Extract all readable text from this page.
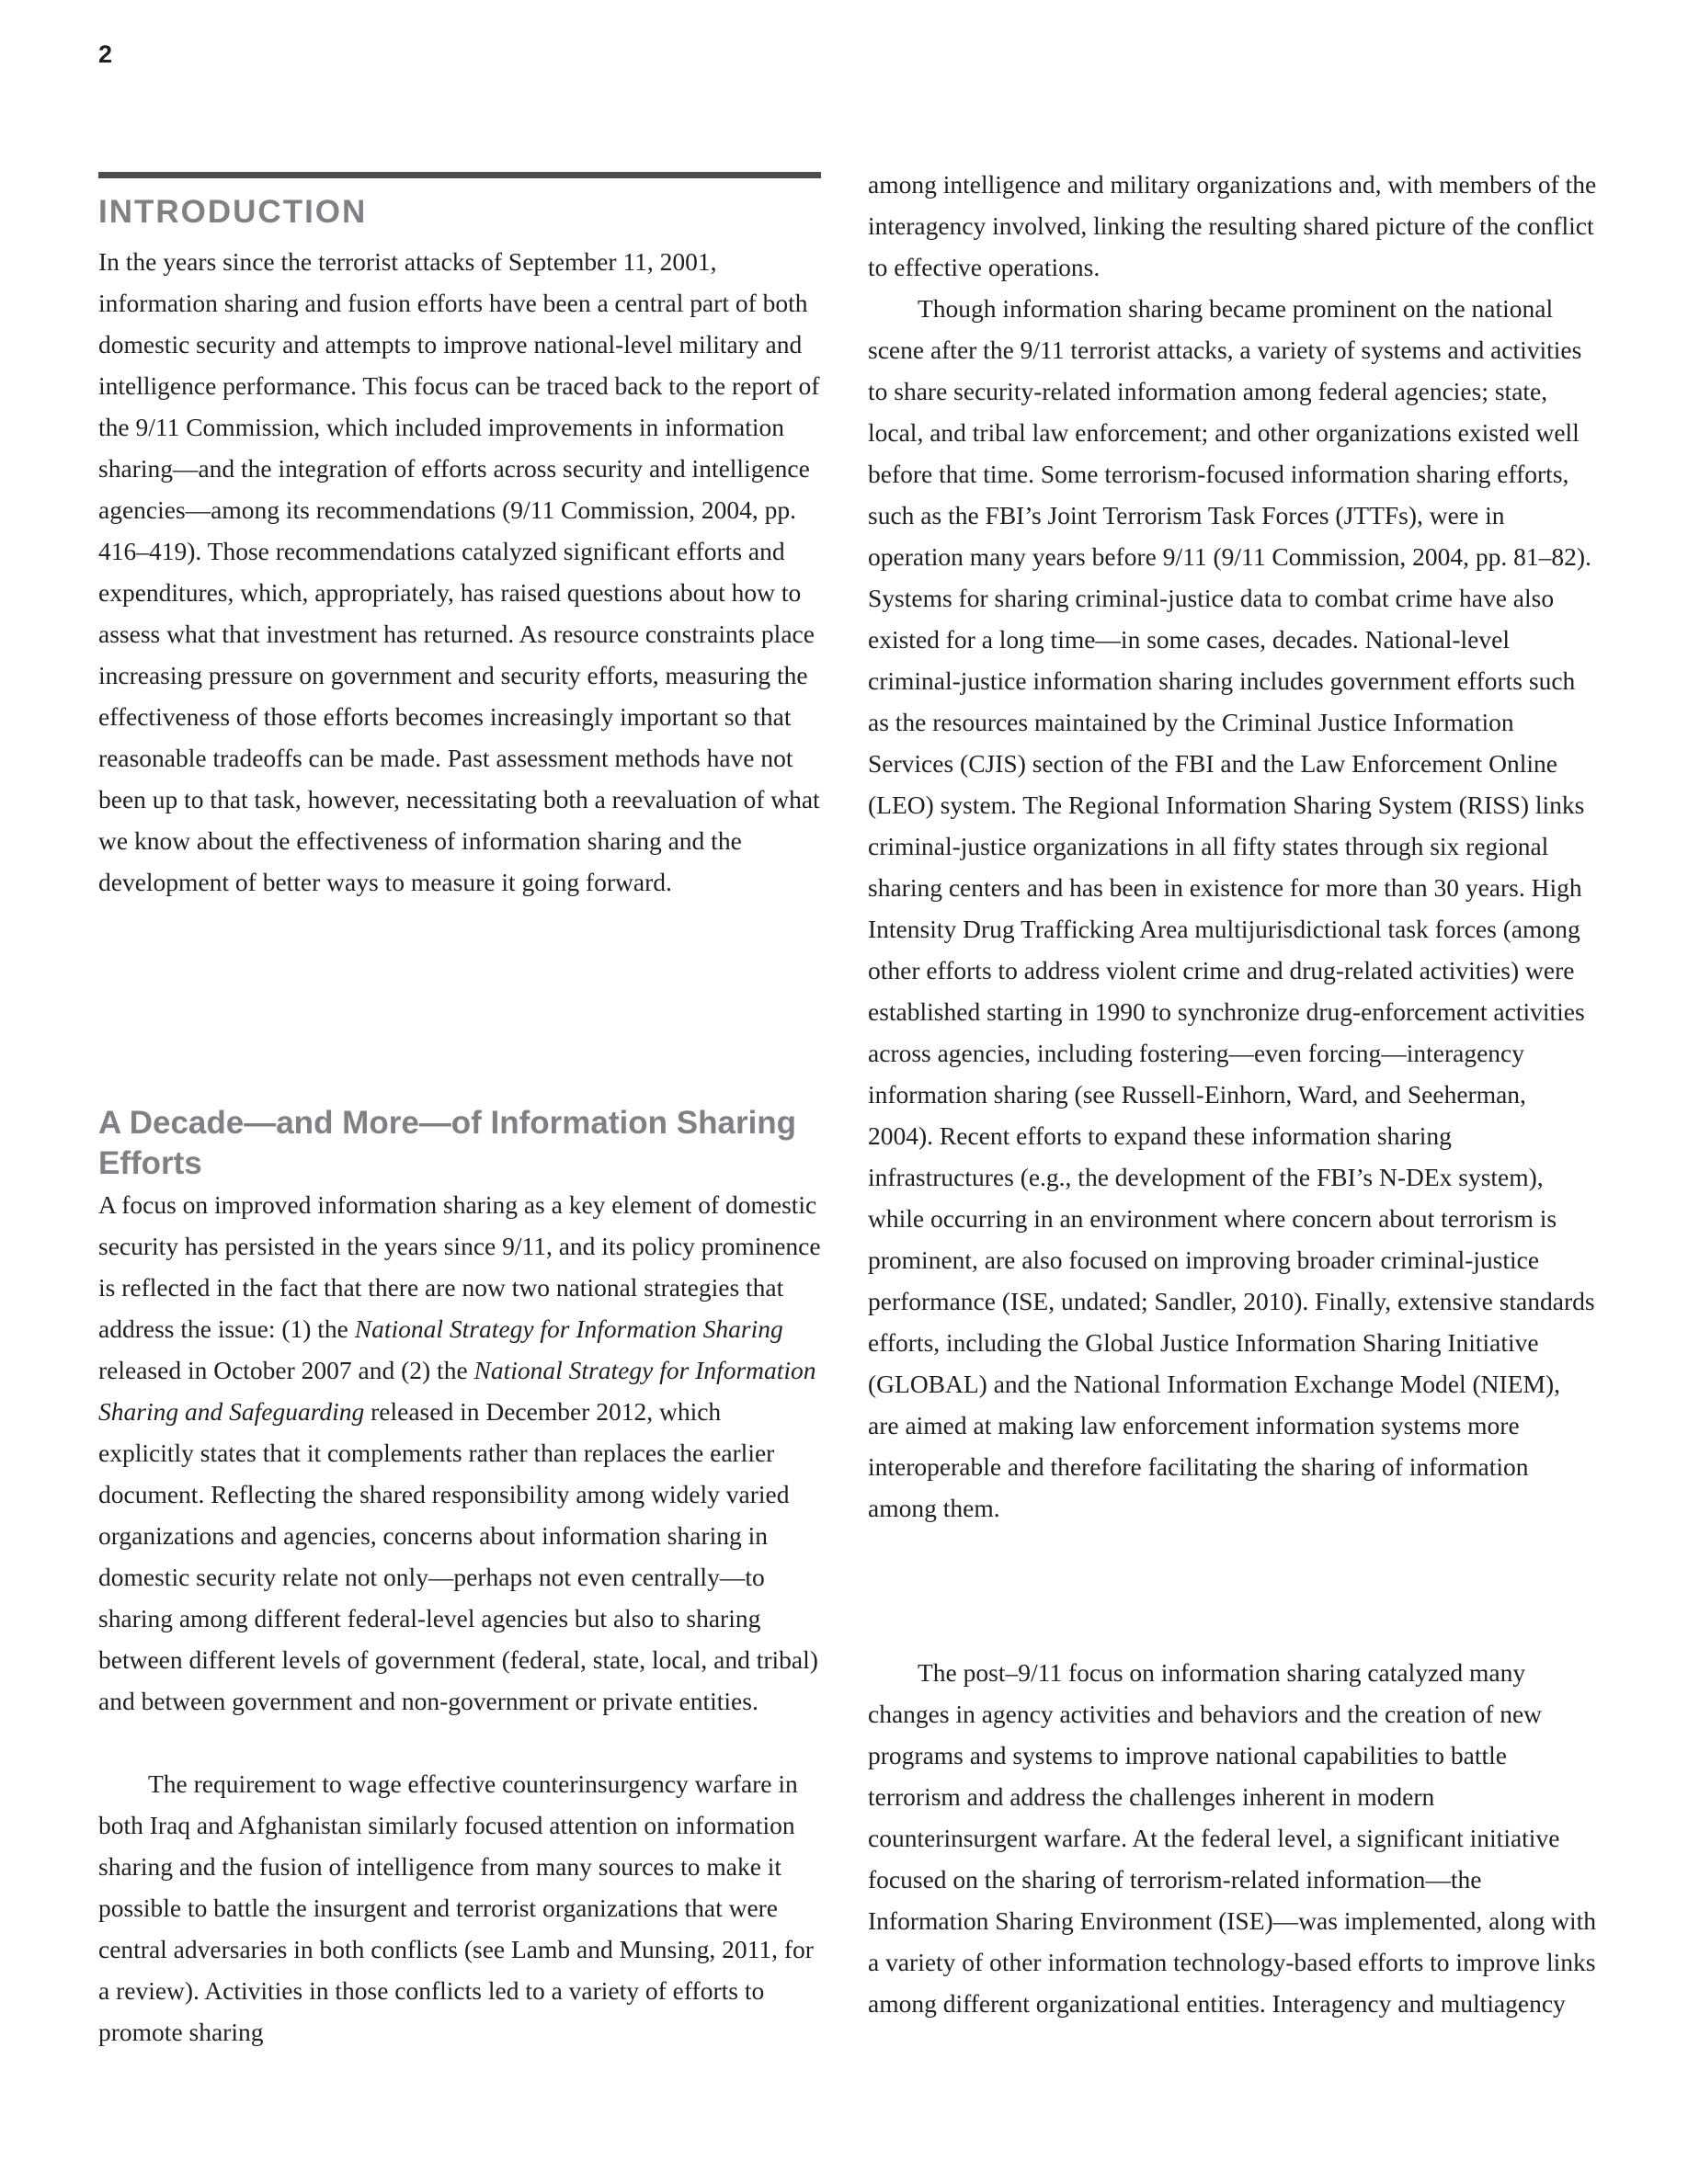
2
INTRODUCTION

In the years since the terrorist attacks of September 11, 2001, information sharing and fusion efforts have been a central part of both domestic security and attempts to improve national-level military and intelligence performance. This focus can be traced back to the report of the 9/11 Commission, which included improvements in information sharing—and the integration of efforts across security and intelligence agencies—among its recommendations (9/11 Commission, 2004, pp. 416–419). Those recommendations catalyzed significant efforts and expenditures, which, appropriately, has raised questions about how to assess what that investment has returned. As resource constraints place increasing pressure on government and security efforts, measuring the effectiveness of those efforts becomes increasingly important so that reasonable tradeoffs can be made. Past assessment methods have not been up to that task, however, necessitating both a reevaluation of what we know about the effectiveness of information sharing and the development of better ways to measure it going forward.

A Decade—and More—of Information Sharing Efforts

A focus on improved information sharing as a key element of domestic security has persisted in the years since 9/11, and its policy prominence is reflected in the fact that there are now two national strategies that address the issue: (1) the National Strategy for Information Sharing released in October 2007 and (2) the National Strategy for Information Sharing and Safeguarding released in December 2012, which explicitly states that it complements rather than replaces the earlier document. Reflecting the shared responsibility among widely varied organizations and agencies, concerns about information sharing in domestic security relate not only—perhaps not even centrally—to sharing among different federal-level agencies but also to sharing between different levels of government (federal, state, local, and tribal) and between government and non-government or private entities.

The requirement to wage effective counterinsurgency warfare in both Iraq and Afghanistan similarly focused attention on information sharing and the fusion of intelligence from many sources to make it possible to battle the insurgent and terrorist organizations that were central adversaries in both conflicts (see Lamb and Munsing, 2011, for a review). Activities in those conflicts led to a variety of efforts to promote sharing

among intelligence and military organizations and, with members of the interagency involved, linking the resulting shared picture of the conflict to effective operations.

Though information sharing became prominent on the national scene after the 9/11 terrorist attacks, a variety of systems and activities to share security-related information among federal agencies; state, local, and tribal law enforcement; and other organizations existed well before that time. Some terrorism-focused information sharing efforts, such as the FBI’s Joint Terrorism Task Forces (JTTFs), were in operation many years before 9/11 (9/11 Commission, 2004, pp. 81–82). Systems for sharing criminal-justice data to combat crime have also existed for a long time—in some cases, decades. National-level criminal-justice information sharing includes government efforts such as the resources maintained by the Criminal Justice Information Services (CJIS) section of the FBI and the Law Enforcement Online (LEO) system. The Regional Information Sharing System (RISS) links criminal-justice organizations in all fifty states through six regional sharing centers and has been in existence for more than 30 years. High Intensity Drug Trafficking Area multijurisdictional task forces (among other efforts to address violent crime and drug-related activities) were established starting in 1990 to synchronize drug-enforcement activities across agencies, including fostering—even forcing—interagency information sharing (see Russell-Einhorn, Ward, and Seeherman, 2004). Recent efforts to expand these information sharing infrastructures (e.g., the development of the FBI’s N-DEx system), while occurring in an environment where concern about terrorism is prominent, are also focused on improving broader criminal-justice performance (ISE, undated; Sandler, 2010). Finally, extensive standards efforts, including the Global Justice Information Sharing Initiative (GLOBAL) and the National Information Exchange Model (NIEM), are aimed at making law enforcement information systems more interoperable and therefore facilitating the sharing of information among them.

The post–9/11 focus on information sharing catalyzed many changes in agency activities and behaviors and the creation of new programs and systems to improve national capabilities to battle terrorism and address the challenges inherent in modern counterinsurgent warfare. At the federal level, a significant initiative focused on the sharing of terrorism-related information—the Information Sharing Environment (ISE)—was implemented, along with a variety of other information technology-based efforts to improve links among different organizational entities. Interagency and multiagency
